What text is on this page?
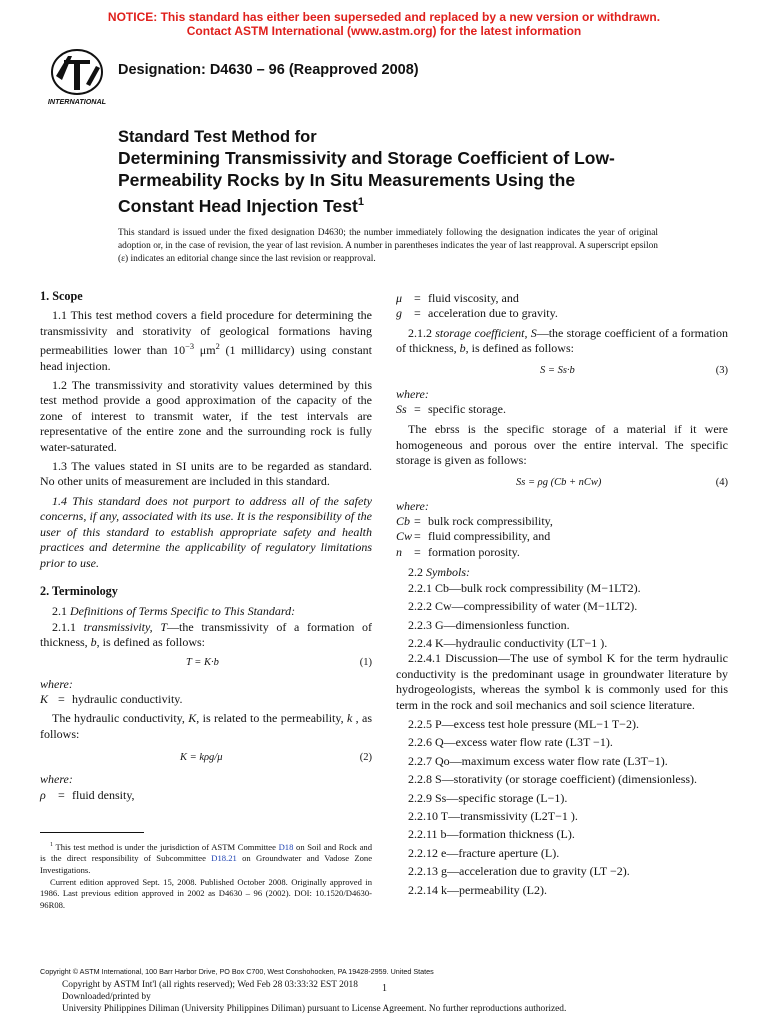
NOTICE: This standard has either been superseded and replaced by a new version or withdrawn.
Contact ASTM International (www.astm.org) for the latest information
INTERNATIONAL
Designation: D4630 – 96 (Reapproved 2008)
Standard Test Method for
Determining Transmissivity and Storage Coefficient of Low-
Permeability Rocks by In Situ Measurements Using the
Constant Head Injection Test$^1$
This standard is issued under the fixed designation D4630; the number immediately following the designation indicates the year of original adoption or, in the case of revision, the year of last revision. A number in parentheses indicates the year of last reapproval. A superscript epsilon (ε) indicates an editorial change since the last revision or reapproval.

1. Scope

1.1 This test method covers a field procedure for determining the transmissivity and storativity of geological formations having permeabilities lower than $10^{-3}$ $\mu m^2$ (1 millidarcy) using constant head injection.

1.2 The transmissivity and storativity values determined by this test method provide a good approximation of the capacity of the zone of interest to transmit water, if the test intervals are representative of the entire zone and the surrounding rock is fully water-saturated.

1.3 The values stated in SI units are to be regarded as standard. No other units of measurement are included in this standard.

1.4 This standard does not purport to address all of the safety concerns, if any, associated with its use. It is the responsibility of the user of this standard to establish appropriate safety and health practices and determine the applicability of regulatory limitations prior to use.

2. Terminology

2.1 Definitions of Terms Specific to This Standard:

2.1.1 transmissivity, T—the transmissivity of a formation of thickness, b, is defined as follows:

T = K·b	(1)

where:

K = hydraulic conductivity.

The hydraulic conductivity, K, is related to the permeability, k , as follows:

K = kρg/μ	(2)

where:

ρ	= fluid density,
$^1$ This test method is under the jurisdiction of ASTM Committee D18 on Soil and Rock and is the direct responsibility of Subcommittee D18.21 on Groundwater and Vadose Zone Investigations.
Current edition approved Sept. 15, 2008. Published October 2008. Originally approved in 1986. Last previous edition approved in 2002 as D4630 – 96 (2002). DOI: 10.1520/D4630-96R08.
μ = fluid viscosity, and
g	= acceleration due to gravity.

2.1.2 storage coefficient, S—the storage coefficient of a formation of thickness, b, is defined as follows:

S = Ss·b	(3)

where:

Ss = specific storage.

The ebrss is the specific storage of a material if it were homogeneous and porous over the entire interval. The specific storage is given as follows:

Ss = ρg (Cb + nCw)	(4)

where:

Cb = bulk rock compressibility,
Cw = fluid compressibility, and
n	= formation porosity.

2.2 Symbols:

2.2.1 Cb—bulk rock compressibility (M−1LT2).

2.2.2 Cw—compressibility of water (M−1LT2).

2.2.3 G—dimensionless function.

2.2.4 K—hydraulic conductivity (LT−1 ).

2.2.4.1 Discussion—The use of symbol K for the term hydraulic conductivity is the predominant usage in groundwater literature by hydrogeologists, whereas the symbol k is commonly used for this term in the rock and soil mechanics and soil science literature.

2.2.5 P—excess test hole pressure (ML−1 T−2).

2.2.6 Q—excess water flow rate (L3T −1).

2.2.7 Qo—maximum excess water flow rate (L3T−1).

2.2.8 S—storativity (or storage coefficient) (dimensionless).

2.2.9 Ss—specific storage (L−1).

2.2.10 T—transmissivity (L2T−1 ).

2.2.11 b—formation thickness (L).

2.2.12 e—fracture aperture (L).

2.2.13 g—acceleration due to gravity (LT −2).

2.2.14 k—permeability (L2).

Copyright © ASTM International, 100 Barr Harbor Drive, PO Box C700, West Conshohocken, PA 19428-2959. United States
Copyright by ASTM Int'l (all rights reserved); Wed Feb 28 03:33:32 EST 2018
Downloaded/printed by
University Philippines Diliman (University Philippines Diliman) pursuant to License Agreement. No further reproductions authorized.
1
